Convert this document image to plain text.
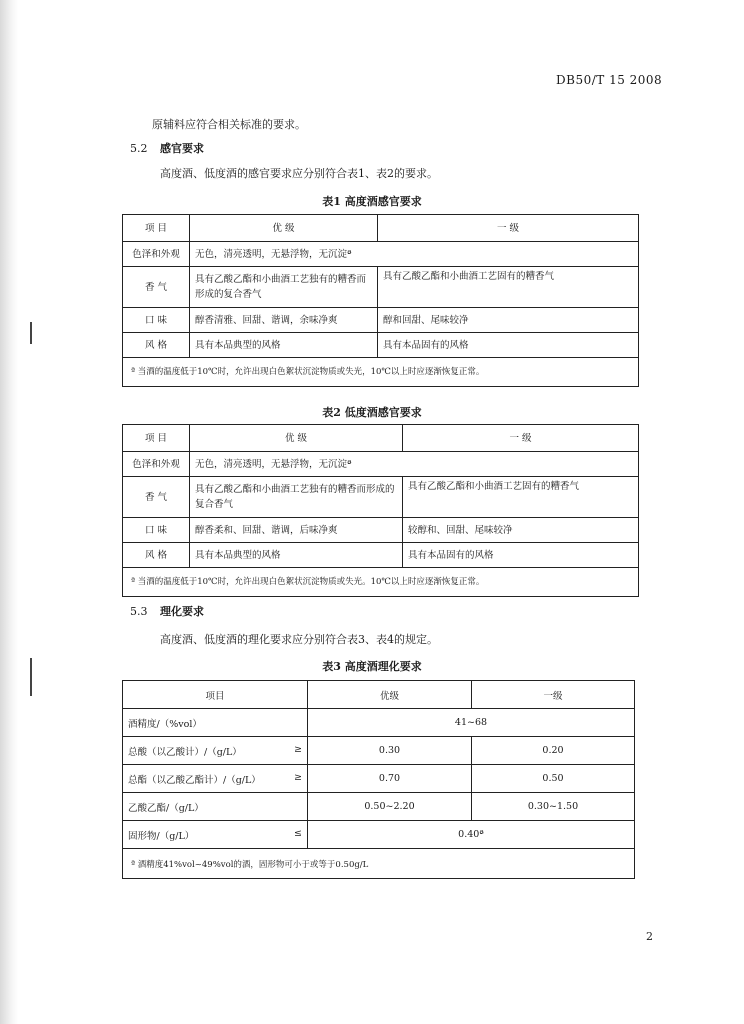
DB50/T 15 2008
原辅料应符合相关标准的要求。
5.2 感官要求
高度酒、低度酒的感官要求应分别符合表1、表2的要求。
表1 高度酒感官要求
项 目	优 级	一 级
色泽和外观	无色，清亮透明，无悬浮物，无沉淀ª	
香 气	具有乙酸乙酯和小曲酒工艺独有的糟香而形成的复合香气	具有乙酸乙酯和小曲酒工艺固有的糟香气
口 味	醇香清雅、回甜、谐调，余味净爽	醇和回甜、尾味较净
风 格	具有本品典型的风格	具有本品固有的风格
ª 当酒的温度低于10℃时，允许出现白色絮状沉淀物质或失光，10℃以上时应逐渐恢复正常。		
表2 低度酒感官要求
项 目	优 级	一 级
色泽和外观	无色，清亮透明，无悬浮物，无沉淀ª	
香 气	具有乙酸乙酯和小曲酒工艺独有的糟香而形成的复合香气	具有乙酸乙酯和小曲酒工艺固有的糟香气
口 味	醇香柔和、回甜、谐调，后味净爽	较醇和、回甜、尾味较净
风 格	具有本品典型的风格	具有本品固有的风格
ª 当酒的温度低于10℃时，允许出现白色絮状沉淀物质或失光。10℃以上时应逐渐恢复正常。		
5.3 理化要求
高度酒、低度酒的理化要求应分别符合表3、表4的规定。
表3 高度酒理化要求
项目	优级	一级
酒精度/（%vol）	41~68	
总酸（以乙酸计）/（g/L） ≥	0.30	0.20
总酯（以乙酸乙酯计）/（g/L） ≥	0.70	0.50
乙酸乙酯/（g/L）	0.50~2.20	0.30~1.50
固形物/（g/L） ≤	0.40ª	
ª 酒精度41%vol~49%vol的酒，固形物可小于或等于0.50g/L		
2
